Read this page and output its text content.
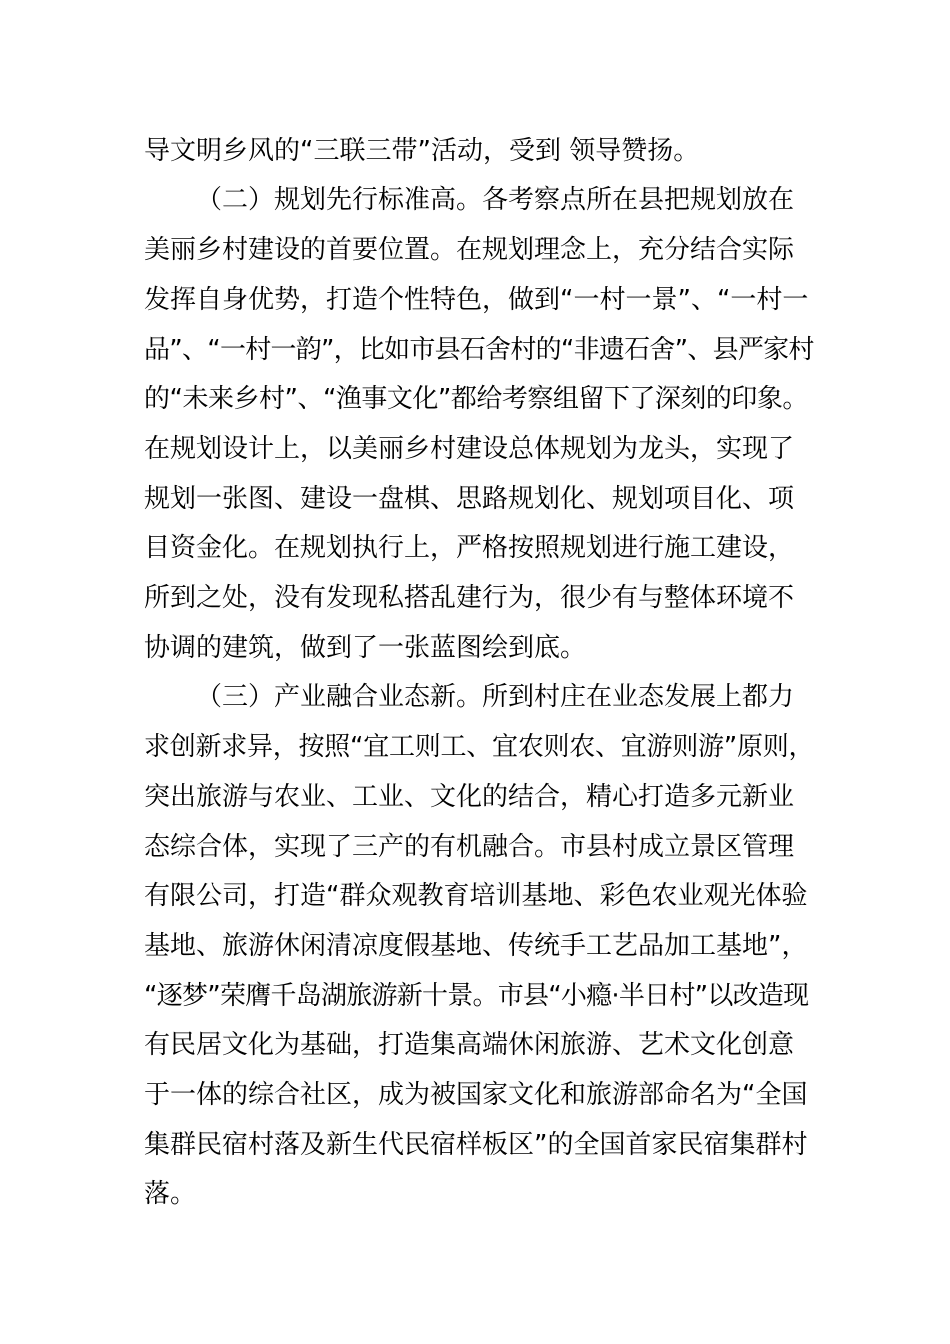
导文明乡风的“三联三带”活动，受到 领导赞扬。
（二）规划先行标准高。各考察点所在县把规划放在
美丽乡村建设的首要位置。在规划理念上，充分结合实际
发挥自身优势，打造个性特色，做到“一村一景”、“一村一
品”、“一村一韵”，比如市县石舍村的“非遗石舍”、县严家村
的“未来乡村”、“渔事文化”都给考察组留下了深刻的印象。
在规划设计上，以美丽乡村建设总体规划为龙头，实现了
规划一张图、建设一盘棋、思路规划化、规划项目化、项
目资金化。在规划执行上，严格按照规划进行施工建设，
所到之处，没有发现私搭乱建行为，很少有与整体环境不
协调的建筑，做到了一张蓝图绘到底。
（三）产业融合业态新。所到村庄在业态发展上都力
求创新求异，按照“宜工则工、宜农则农、宜游则游”原则，
突出旅游与农业、工业、文化的结合，精心打造多元新业
态综合体，实现了三产的有机融合。市县村成立景区管理
有限公司，打造“群众观教育培训基地、彩色农业观光体验
基地、旅游休闲清凉度假基地、传统手工艺品加工基地”，
“逐梦”荣膺千岛湖旅游新十景。市县“小瘾·半日村”以改造现
有民居文化为基础，打造集高端休闲旅游、艺术文化创意
于一体的综合社区，成为被国家文化和旅游部命名为“全国
集群民宿村落及新生代民宿样板区”的全国首家民宿集群村
落。
